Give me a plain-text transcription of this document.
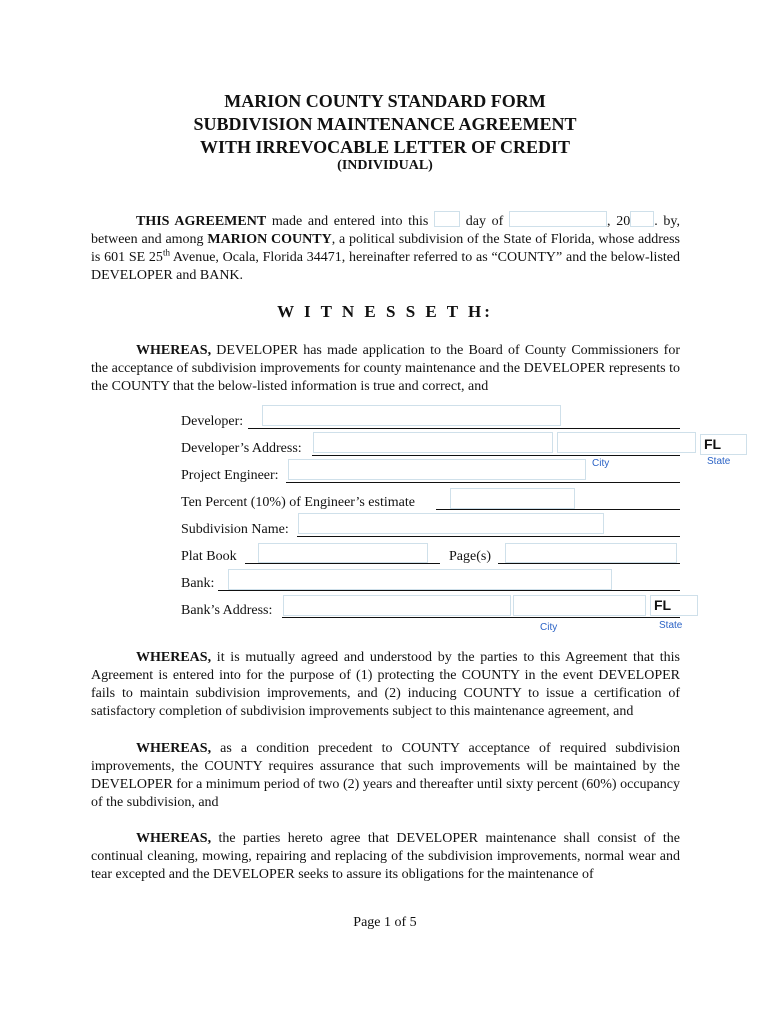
MARION COUNTY STANDARD FORM
SUBDIVISION MAINTENANCE AGREEMENT
WITH IRREVOCABLE LETTER OF CREDIT
(INDIVIDUAL)
THIS AGREEMENT made and entered into this  day of	, 20 . by, between and among MARION COUNTY, a political subdivision of the State of Florida, whose address is 601 SE 25th Avenue, Ocala, Florida 34471, hereinafter referred to as “COUNTY” and the below-listed DEVELOPER and BANK.
W I T N E S S E T H:
WHEREAS, DEVELOPER has made application to the Board of County Commissioners for the acceptance of subdivision improvements for county maintenance and the DEVELOPER represents to the COUNTY that the below-listed information is true and correct, and
Developer:
Developer’s Address:	FL
City	State
Project Engineer:
Ten Percent (10%) of Engineer’s estimate
Subdivision Name:
Plat Book	Page(s)
Bank:
Bank’s Address:	FL
City	State
WHEREAS, it is mutually agreed and understood by the parties to this Agreement that this Agreement is entered into for the purpose of (1) protecting the COUNTY in the event DEVELOPER fails to maintain subdivision improvements, and (2) inducing COUNTY to issue a certification of satisfactory completion of subdivision improvements subject to this maintenance agreement, and
WHEREAS, as a condition precedent to COUNTY acceptance of required subdivision improvements, the COUNTY requires assurance that such improvements will be maintained by the DEVELOPER for a minimum period of two (2) years and thereafter until sixty percent (60%) occupancy of the subdivision, and
WHEREAS, the parties hereto agree that DEVELOPER maintenance shall consist of the continual cleaning, mowing, repairing and replacing of the subdivision improvements, normal wear and tear excepted and the DEVELOPER seeks to assure its obligations for the maintenance of
Page 1 of 5
